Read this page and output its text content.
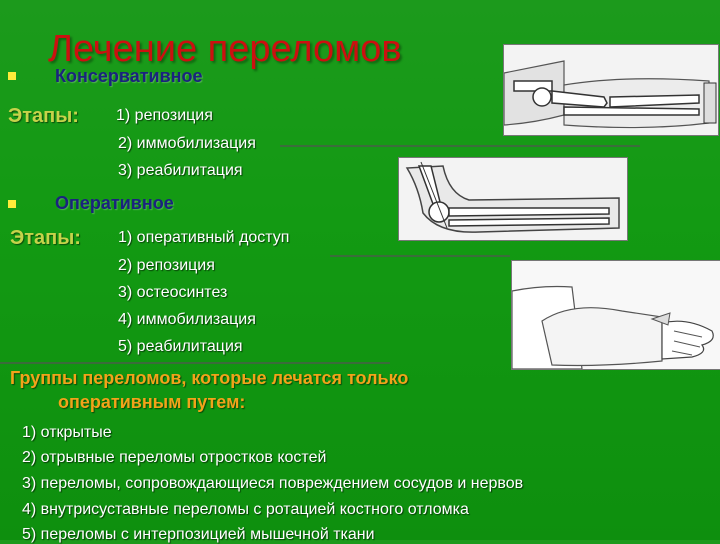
Лечение переломов
Консервативное
Этапы: 1) репозиция
2) иммобилизация
3) реабилитация
Оперативное
Этапы: 1) оперативный доступ
2) репозиция
3) остеосинтез
4) иммобилизация
5) реабилитация
Группы переломов, которые лечатся только
оперативным путем:
1) открытые
2) отрывные переломы отростков костей
3) переломы, сопровождающиеся повреждением сосудов и нервов
4) внутрисуставные переломы с ротацией костного отломка
5) переломы с интерпозицией мышечной ткани
